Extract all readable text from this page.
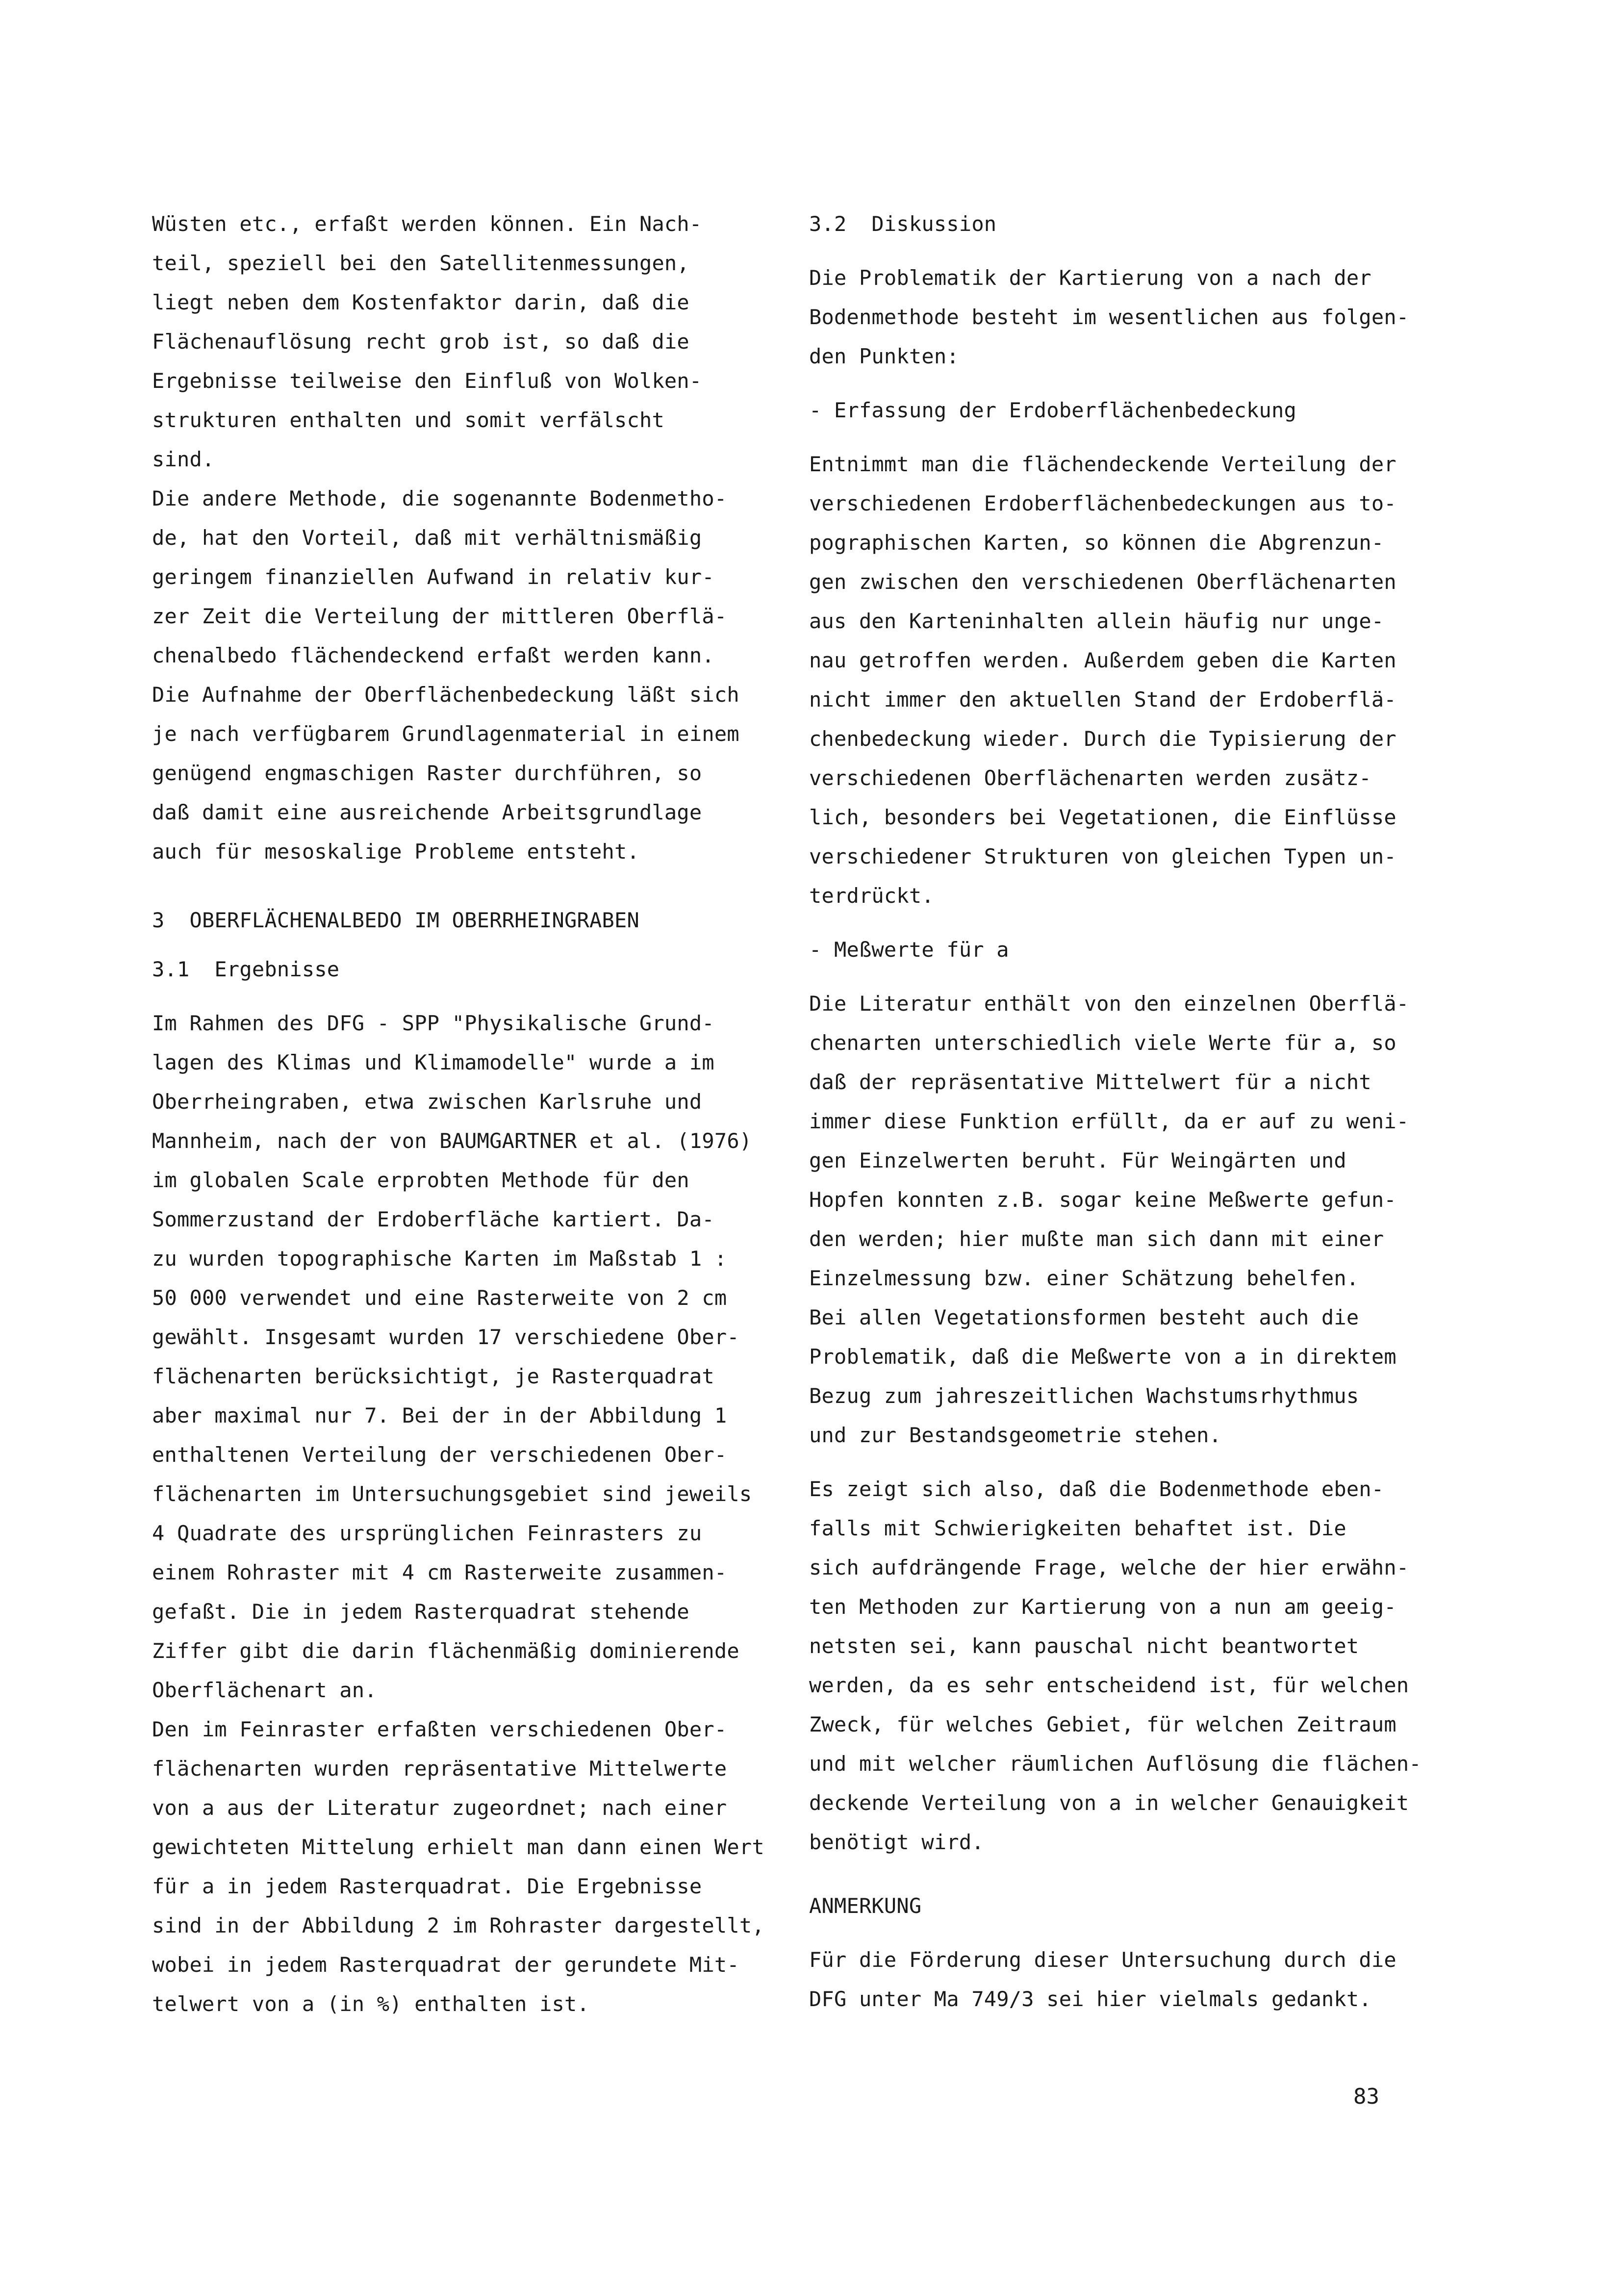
Wüsten etc., erfaßt werden können. Ein Nach-
teil, speziell bei den Satellitenmessungen,
liegt neben dem Kostenfaktor darin, daß die
Flächenauflösung recht grob ist, so daß die
Ergebnisse teilweise den Einfluß von Wolken-
strukturen enthalten und somit verfälscht
sind.
Die andere Methode, die sogenannte Bodenmetho-
de, hat den Vorteil, daß mit verhältnismäßig
geringem finanziellen Aufwand in relativ kur-
zer Zeit die Verteilung der mittleren Oberflä-
chenalbedo flächendeckend erfaßt werden kann.
Die Aufnahme der Oberflächenbedeckung läßt sich
je nach verfügbarem Grundlagenmaterial in einem
genügend engmaschigen Raster durchführen, so
daß damit eine ausreichende Arbeitsgrundlage
auch für mesoskalige Probleme entsteht.
3  OBERFLÄCHENALBEDO IM OBERRHEINGRABEN
3.1  Ergebnisse
Im Rahmen des DFG - SPP "Physikalische Grund-
lagen des Klimas und Klimamodelle" wurde a im
Oberrheingraben, etwa zwischen Karlsruhe und
Mannheim, nach der von BAUMGARTNER et al. (1976)
im globalen Scale erprobten Methode für den
Sommerzustand der Erdoberfläche kartiert. Da-
zu wurden topographische Karten im Maßstab 1 :
50 000 verwendet und eine Rasterweite von 2 cm
gewählt. Insgesamt wurden 17 verschiedene Ober-
flächenarten berücksichtigt, je Rasterquadrat
aber maximal nur 7. Bei der in der Abbildung 1
enthaltenen Verteilung der verschiedenen Ober-
flächenarten im Untersuchungsgebiet sind jeweils
4 Quadrate des ursprünglichen Feinrasters zu
einem Rohraster mit 4 cm Rasterweite zusammen-
gefaßt. Die in jedem Rasterquadrat stehende
Ziffer gibt die darin flächenmäßig dominierende
Oberflächenart an.
Den im Feinraster erfaßten verschiedenen Ober-
flächenarten wurden repräsentative Mittelwerte
von a aus der Literatur zugeordnet; nach einer
gewichteten Mittelung erhielt man dann einen Wert
für a in jedem Rasterquadrat. Die Ergebnisse
sind in der Abbildung 2 im Rohraster dargestellt,
wobei in jedem Rasterquadrat der gerundete Mit-
telwert von a (in %) enthalten ist.
3.2  Diskussion
Die Problematik der Kartierung von a nach der
Bodenmethode besteht im wesentlichen aus folgen-
den Punkten:
- Erfassung der Erdoberflächenbedeckung
Entnimmt man die flächendeckende Verteilung der
verschiedenen Erdoberflächenbedeckungen aus to-
pographischen Karten, so können die Abgrenzun-
gen zwischen den verschiedenen Oberflächenarten
aus den Karteninhalten allein häufig nur unge-
nau getroffen werden. Außerdem geben die Karten
nicht immer den aktuellen Stand der Erdoberflä-
chenbedeckung wieder. Durch die Typisierung der
verschiedenen Oberflächenarten werden zusätz-
lich, besonders bei Vegetationen, die Einflüsse
verschiedener Strukturen von gleichen Typen un-
terdrückt.
- Meßwerte für a
Die Literatur enthält von den einzelnen Oberflä-
chenarten unterschiedlich viele Werte für a, so
daß der repräsentative Mittelwert für a nicht
immer diese Funktion erfüllt, da er auf zu weni-
gen Einzelwerten beruht. Für Weingärten und
Hopfen konnten z.B. sogar keine Meßwerte gefun-
den werden; hier mußte man sich dann mit einer
Einzelmessung bzw. einer Schätzung behelfen.
Bei allen Vegetationsformen besteht auch die
Problematik, daß die Meßwerte von a in direktem
Bezug zum jahreszeitlichen Wachstumsrhythmus
und zur Bestandsgeometrie stehen.
Es zeigt sich also, daß die Bodenmethode eben-
falls mit Schwierigkeiten behaftet ist. Die
sich aufdrängende Frage, welche der hier erwähn-
ten Methoden zur Kartierung von a nun am geeig-
netsten sei, kann pauschal nicht beantwortet
werden, da es sehr entscheidend ist, für welchen
Zweck, für welches Gebiet, für welchen Zeitraum
und mit welcher räumlichen Auflösung die flächen-
deckende Verteilung von a in welcher Genauigkeit
benötigt wird.
ANMERKUNG
Für die Förderung dieser Untersuchung durch die
DFG unter Ma 749/3 sei hier vielmals gedankt.
83
